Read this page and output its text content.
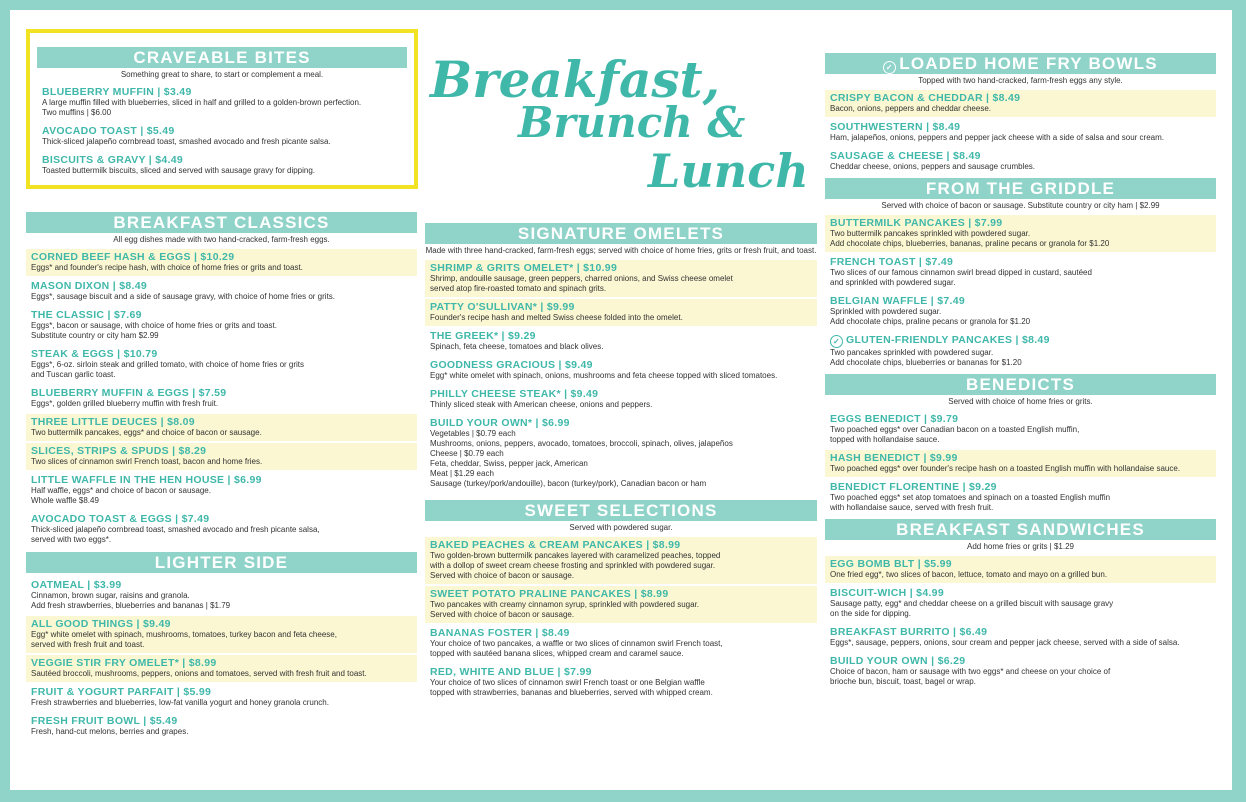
CRAVEABLE BITES
Something great to share, to start or complement a meal.
BLUEBERRY MUFFIN | $3.49
A large muffin filled with blueberries, sliced in half and grilled to a golden-brown perfection.
Two muffins | $6.00
AVOCADO TOAST | $5.49
Thick-sliced jalapeño cornbread toast, smashed avocado and fresh picante salsa.
BISCUITS & GRAVY | $4.49
Toasted buttermilk biscuits, sliced and served with sausage gravy for dipping.
Breakfast,
Brunch &
Lunch
BREAKFAST CLASSICS
All egg dishes made with two hand-cracked, farm-fresh eggs.
CORNED BEEF HASH & EGGS | $10.29
Eggs* and founder's recipe hash, with choice of home fries or grits and toast.
MASON DIXON | $8.49
Eggs*, sausage biscuit and a side of sausage gravy, with choice of home fries or grits.
THE CLASSIC | $7.69
Eggs*, bacon or sausage, with choice of home fries or grits and toast.
Substitute country or city ham $2.99
STEAK & EGGS | $10.79
Eggs*, 6-oz. sirloin steak and grilled tomato, with choice of home fries or grits
and Tuscan garlic toast.
BLUEBERRY MUFFIN & EGGS | $7.59
Eggs*, golden grilled blueberry muffin with fresh fruit.
THREE LITTLE DEUCES | $8.09
Two buttermilk pancakes, eggs* and choice of bacon or sausage.
SLICES, STRIPS & SPUDS | $8.29
Two slices of cinnamon swirl French toast, bacon and home fries.
LITTLE WAFFLE IN THE HEN HOUSE | $6.99
Half waffle, eggs* and choice of bacon or sausage.
Whole waffle $8.49
AVOCADO TOAST & EGGS | $7.49
Thick-sliced jalapeño cornbread toast, smashed avocado and fresh picante salsa,
served with two eggs*.
LIGHTER SIDE
OATMEAL | $3.99
Cinnamon, brown sugar, raisins and granola.
Add fresh strawberries, blueberries and bananas | $1.79
ALL GOOD THINGS | $9.49
Egg* white omelet with spinach, mushrooms, tomatoes, turkey bacon and feta cheese,
served with fresh fruit and toast.
VEGGIE STIR FRY OMELET* | $8.99
Sautéed broccoli, mushrooms, peppers, onions and tomatoes, served with fresh fruit and toast.
FRUIT & YOGURT PARFAIT | $5.99
Fresh strawberries and blueberries, low-fat vanilla yogurt and honey granola crunch.
FRESH FRUIT BOWL | $5.49
Fresh, hand-cut melons, berries and grapes.
SIGNATURE OMELETS
Made with three hand-cracked, farm-fresh eggs; served with choice of home fries, grits or fresh fruit, and toast.
SHRIMP & GRITS OMELET* | $10.99
Shrimp, andouille sausage, green peppers, charred onions, and Swiss cheese omelet
served atop fire-roasted tomato and spinach grits.
PATTY O'SULLIVAN* | $9.99
Founder's recipe hash and melted Swiss cheese folded into the omelet.
THE GREEK* | $9.29
Spinach, feta cheese, tomatoes and black olives.
GOODNESS GRACIOUS | $9.49
Egg* white omelet with spinach, onions, mushrooms and feta cheese topped with sliced tomatoes.
PHILLY CHEESE STEAK* | $9.49
Thinly sliced steak with American cheese, onions and peppers.
BUILD YOUR OWN* | $6.99
Vegetables | $0.79 each
Mushrooms, onions, peppers, avocado, tomatoes, broccoli, spinach, olives, jalapeños
Cheese | $0.79 each
Feta, cheddar, Swiss, pepper jack, American
Meat | $1.29 each
Sausage (turkey/pork/andouille), bacon (turkey/pork), Canadian bacon or ham
SWEET SELECTIONS
Served with powdered sugar.
BAKED PEACHES & CREAM PANCAKES | $8.99
Two golden-brown buttermilk pancakes layered with caramelized peaches, topped
with a dollop of sweet cream cheese frosting and sprinkled with powdered sugar.
Served with choice of bacon or sausage.
SWEET POTATO PRALINE PANCAKES | $8.99
Two pancakes with creamy cinnamon syrup, sprinkled with powdered sugar.
Served with choice of bacon or sausage.
BANANAS FOSTER | $8.49
Your choice of two pancakes, a waffle or two slices of cinnamon swirl French toast,
topped with sautéed banana slices, whipped cream and caramel sauce.
RED, WHITE AND BLUE | $7.99
Your choice of two slices of cinnamon swirl French toast or one Belgian waffle
topped with strawberries, bananas and blueberries, served with whipped cream.
✓ LOADED HOME FRY BOWLS
Topped with two hand-cracked, farm-fresh eggs any style.
CRISPY BACON & CHEDDAR | $8.49
Bacon, onions, peppers and cheddar cheese.
SOUTHWESTERN | $8.49
Ham, jalapeños, onions, peppers and pepper jack cheese with a side of salsa and sour cream.
SAUSAGE & CHEESE | $8.49
Cheddar cheese, onions, peppers and sausage crumbles.
FROM THE GRIDDLE
Served with choice of bacon or sausage. Substitute country or city ham | $2.99
BUTTERMILK PANCAKES | $7.99
Two buttermilk pancakes sprinkled with powdered sugar.
Add chocolate chips, blueberries, bananas, praline pecans or granola for $1.20
FRENCH TOAST | $7.49
Two slices of our famous cinnamon swirl bread dipped in custard, sautéed
and sprinkled with powdered sugar.
BELGIAN WAFFLE | $7.49
Sprinkled with powdered sugar.
Add chocolate chips, praline pecans or granola for $1.20
✓ GLUTEN-FRIENDLY PANCAKES | $8.49
Two pancakes sprinkled with powdered sugar.
Add chocolate chips, blueberries or bananas for $1.20
BENEDICTS
Served with choice of home fries or grits.
EGGS BENEDICT | $9.79
Two poached eggs* over Canadian bacon on a toasted English muffin,
topped with hollandaise sauce.
HASH BENEDICT | $9.99
Two poached eggs* over founder's recipe hash on a toasted English muffin with hollandaise sauce.
BENEDICT FLORENTINE | $9.29
Two poached eggs* set atop tomatoes and spinach on a toasted English muffin
with hollandaise sauce, served with fresh fruit.
BREAKFAST SANDWICHES
Add home fries or grits | $1.29
EGG BOMB BLT | $5.99
One fried egg*, two slices of bacon, lettuce, tomato and mayo on a grilled bun.
BISCUIT-WICH | $4.99
Sausage patty, egg* and cheddar cheese on a grilled biscuit with sausage gravy
on the side for dipping.
BREAKFAST BURRITO | $6.49
Eggs*, sausage, peppers, onions, sour cream and pepper jack cheese, served with a side of salsa.
BUILD YOUR OWN | $6.29
Choice of bacon, ham or sausage with two eggs* and cheese on your choice of
brioche bun, biscuit, toast, bagel or wrap.
